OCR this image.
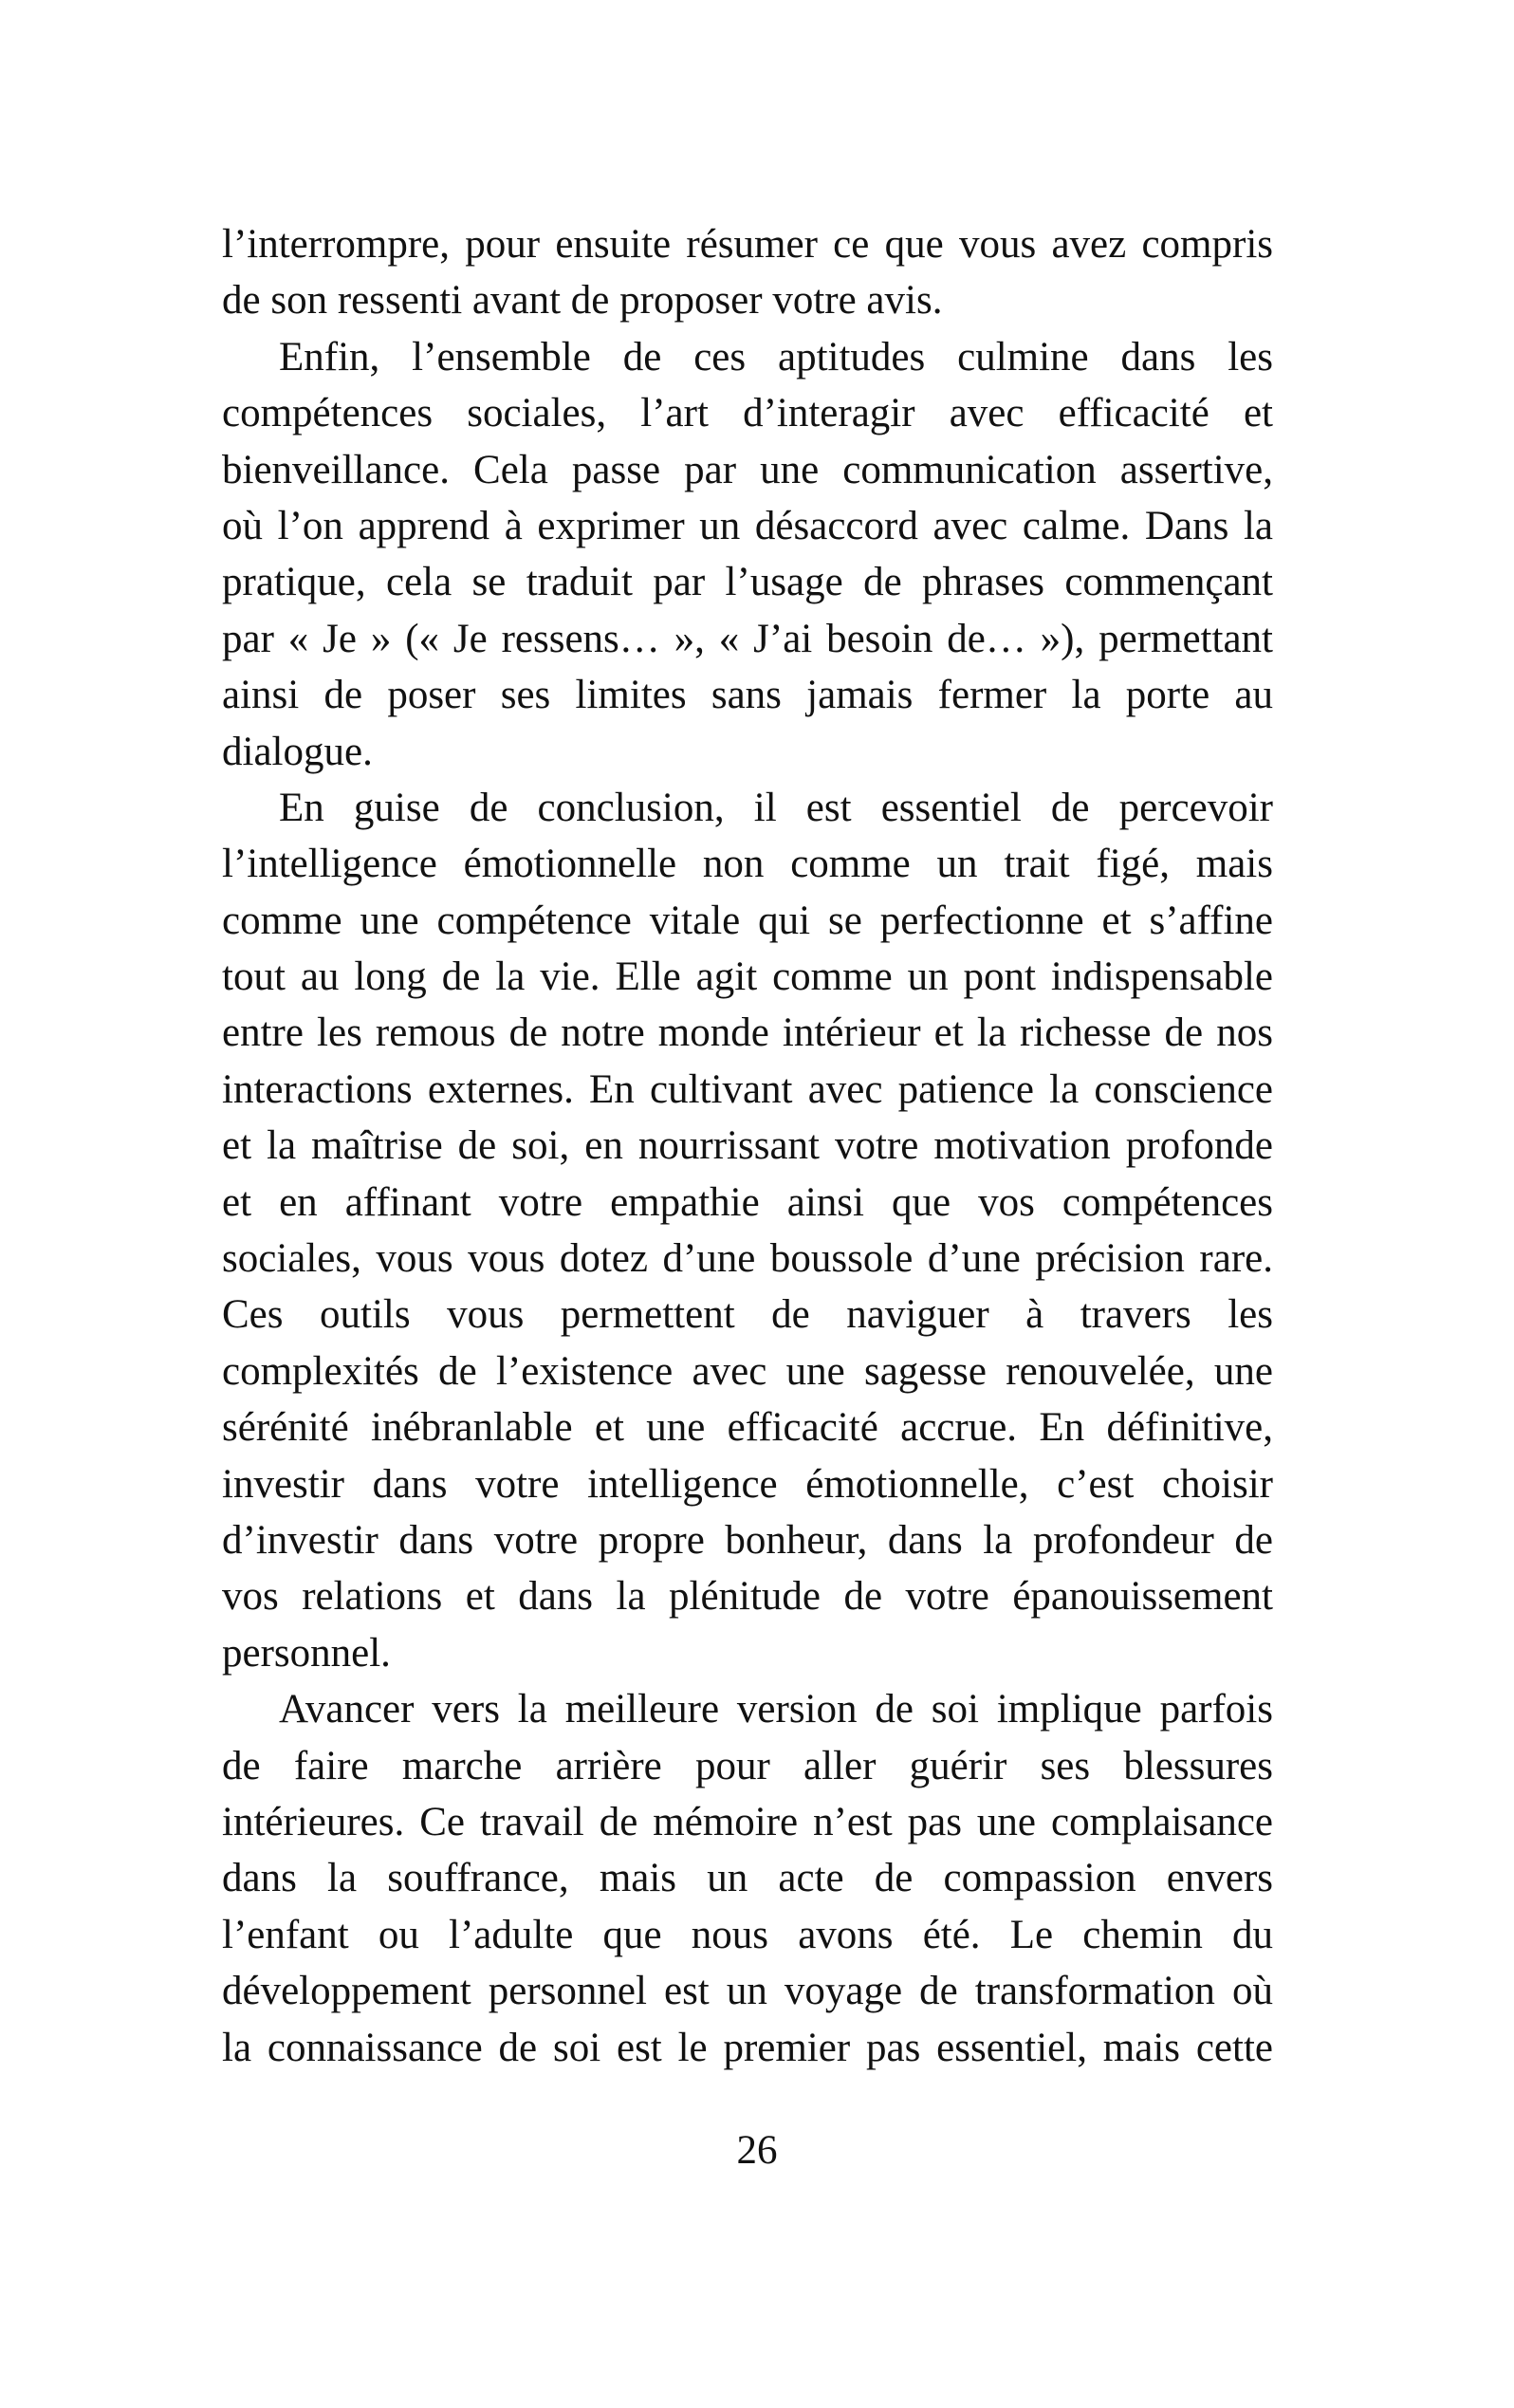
l’interrompre, pour ensuite résumer ce que vous avez compris
de son ressenti avant de proposer votre avis.
Enfin, l’ensemble de ces aptitudes culmine dans les
compétences sociales, l’art d’interagir avec efficacité et
bienveillance. Cela passe par une communication assertive,
où l’on apprend à exprimer un désaccord avec calme. Dans la
pratique, cela se traduit par l’usage de phrases commençant
par « Je » (« Je ressens… », « J’ai besoin de… »), permettant
ainsi de poser ses limites sans jamais fermer la porte au
dialogue.
En guise de conclusion, il est essentiel de percevoir
l’intelligence émotionnelle non comme un trait figé, mais
comme une compétence vitale qui se perfectionne et s’affine
tout au long de la vie. Elle agit comme un pont indispensable
entre les remous de notre monde intérieur et la richesse de nos
interactions externes. En cultivant avec patience la conscience
et la maîtrise de soi, en nourrissant votre motivation profonde
et en affinant votre empathie ainsi que vos compétences
sociales, vous vous dotez d’une boussole d’une précision rare.
Ces outils vous permettent de naviguer à travers les
complexités de l’existence avec une sagesse renouvelée, une
sérénité inébranlable et une efficacité accrue. En définitive,
investir dans votre intelligence émotionnelle, c’est choisir
d’investir dans votre propre bonheur, dans la profondeur de
vos relations et dans la plénitude de votre épanouissement
personnel.
Avancer vers la meilleure version de soi implique parfois
de faire marche arrière pour aller guérir ses blessures
intérieures. Ce travail de mémoire n’est pas une complaisance
dans la souffrance, mais un acte de compassion envers
l’enfant ou l’adulte que nous avons été. Le chemin du
développement personnel est un voyage de transformation où
la connaissance de soi est le premier pas essentiel, mais cette
26
